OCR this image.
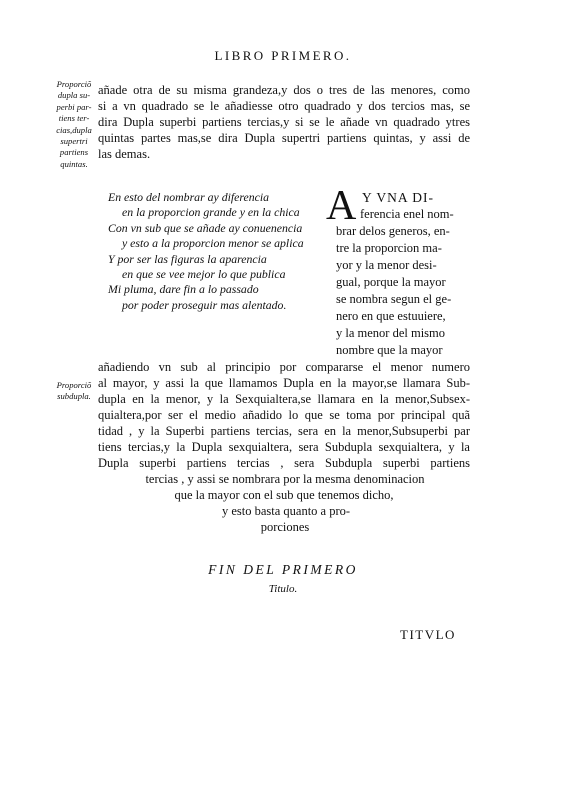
LIBRO PRIMERO.
Proporciõ
dupla su-
perbi par-
tiens ter-
cias,dupla
supertri
partiens
quintas.
añade otra de su misma grandeza,y dos o tres de las menores, como
si a vn quadrado se le añadiesse otro quadrado y dos tercios mas, se
dira Dupla superbi partiens tercias,y si se le añade vn quadrado ytres
quintas partes mas,se dira Dupla supertri partiens quintas, y assi de
las demas.
En esto del nombrar ay diferencia
en la proporcion grande y en la chica
Con vn sub que se añade ay conuenencia
y esto a la proporcion menor se aplica
Y por ser las figuras la aparencia
en que se vee mejor lo que publica
Mi pluma, dare fin a lo passado
por poder proseguir mas alentado.
A Y VNA DI-
ferencia enel nom-
brar delos generos, en-
tre la proporcion ma-
yor y la menor desi-
gual, porque la mayor
se nombra segun el ge-
nero en que estuuiere,
y la menor del mismo
nombre que la mayor
Proporciõ
subdupla.
añadiendo vn sub al principio por compararse el menor numero
al mayor, y assi la que llamamos Dupla en la mayor,se llamara Sub-
dupla en la menor, y la Sexquialtera,se llamara en la menor,Subsex-
quialtera,por ser el medio añadido lo que se toma por principal quã
tidad , y la Superbi partiens tercias, sera en la menor,Subsuperbi par
tiens tercias,y la Dupla sexquialtera, sera Subdupla sexquialtera, y la
Dupla superbi partiens tercias , sera Subdupla superbi partiens
tercias , y assi se nombrara por la mesma denominacion
que la mayor con el sub que tenemos dicho,
y esto basta quanto a pro-
porciones
FIN DEL PRIMERO
Titulo.
TITVLO
